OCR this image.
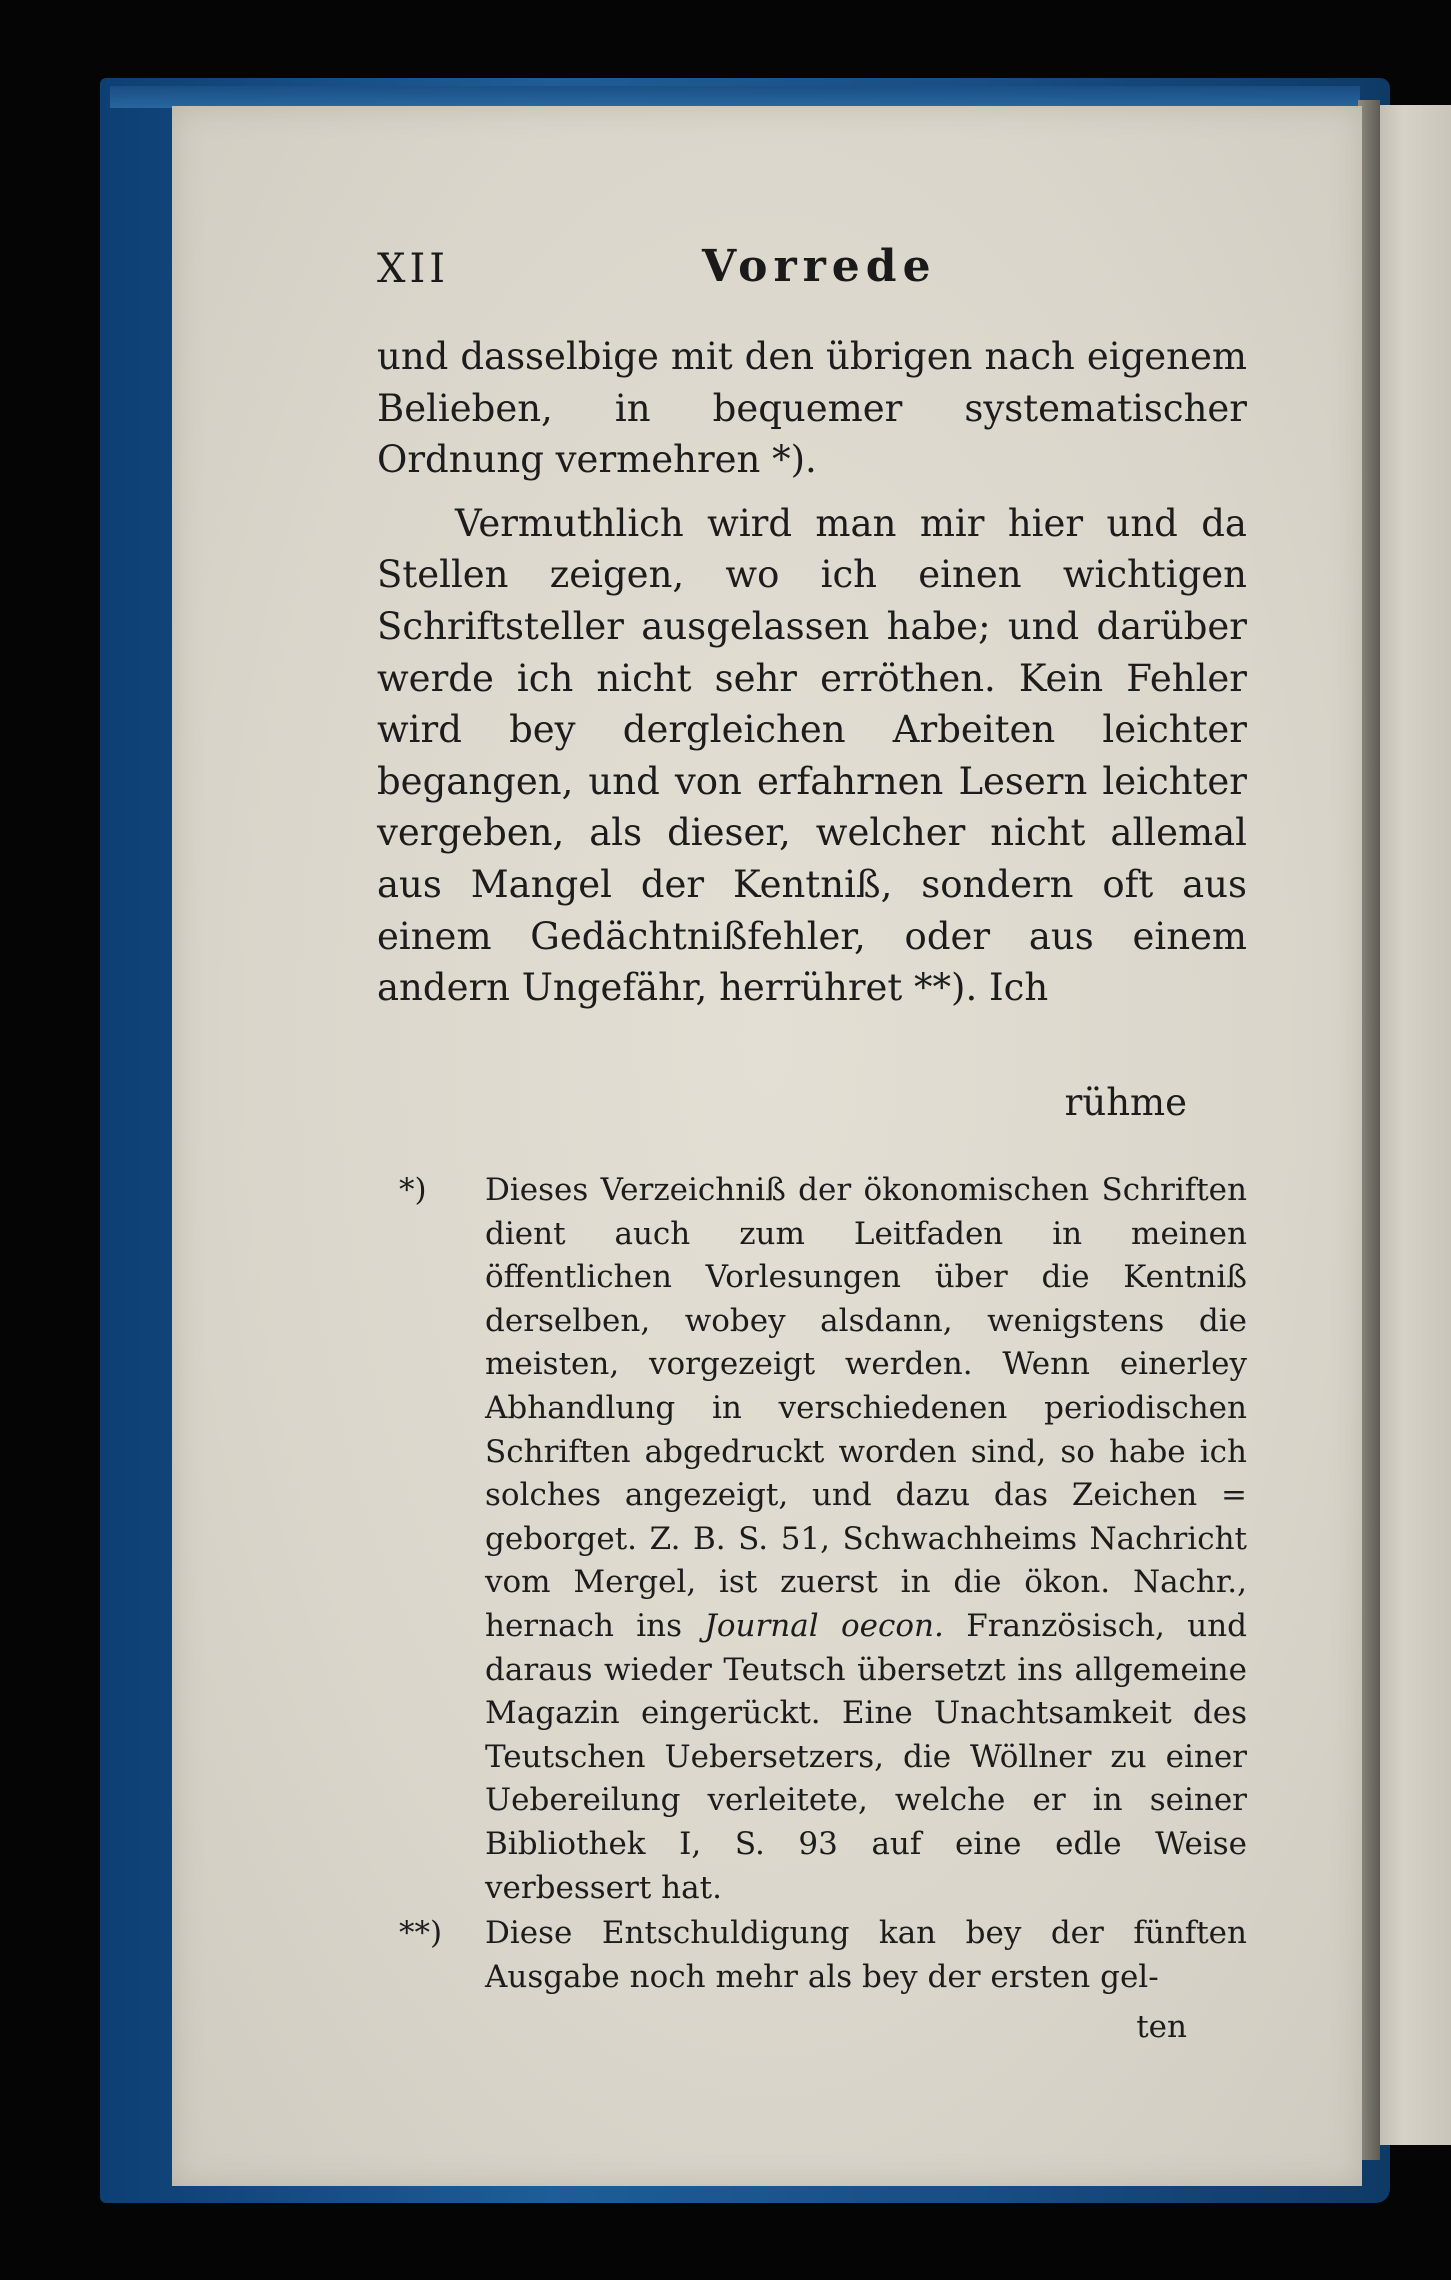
XII	Vorrede

und dasselbige mit den übrigen nach eigenem Belieben, in bequemer systematischer Ordnung vermehren *).

Vermuthlich wird man mir hier und da Stellen zeigen, wo ich einen wichtigen Schriftsteller ausgelassen habe; und darüber werde ich nicht sehr erröthen. Kein Fehler wird bey dergleichen Arbeiten leichter begangen, und von erfahrnen Lesern leichter vergeben, als dieser, welcher nicht allemal aus Mangel der Kentniß, sondern oft aus einem Gedächtnißfehler, oder aus einem andern Ungefähr, herrühret **). Ich

rühme
*) Dieses Verzeichniß der ökonomischen Schriften dient auch zum Leitfaden in meinen öffentlichen Vorlesungen über die Kentniß derselben, wobey alsdann, wenigstens die meisten, vorgezeigt werden. Wenn einerley Abhandlung in verschiedenen periodischen Schriften abgedruckt worden sind, so habe ich solches angezeigt, und dazu das Zeichen = geborget. Z. B. S. 51, Schwachheims Nachricht vom Mergel, ist zuerst in die ökon. Nachr., hernach ins Journal oecon. Französisch, und daraus wieder Teutsch übersetzt ins allgemeine Magazin eingerückt. Eine Unachtsamkeit des Teutschen Uebersetzers, die Wöllner zu einer Uebereilung verleitete, welche er in seiner Bibliothek I, S. 93 auf eine edle Weise verbessert hat.
**) Diese Entschuldigung kan bey der fünften Ausgabe noch mehr als bey der ersten gel-
ten
